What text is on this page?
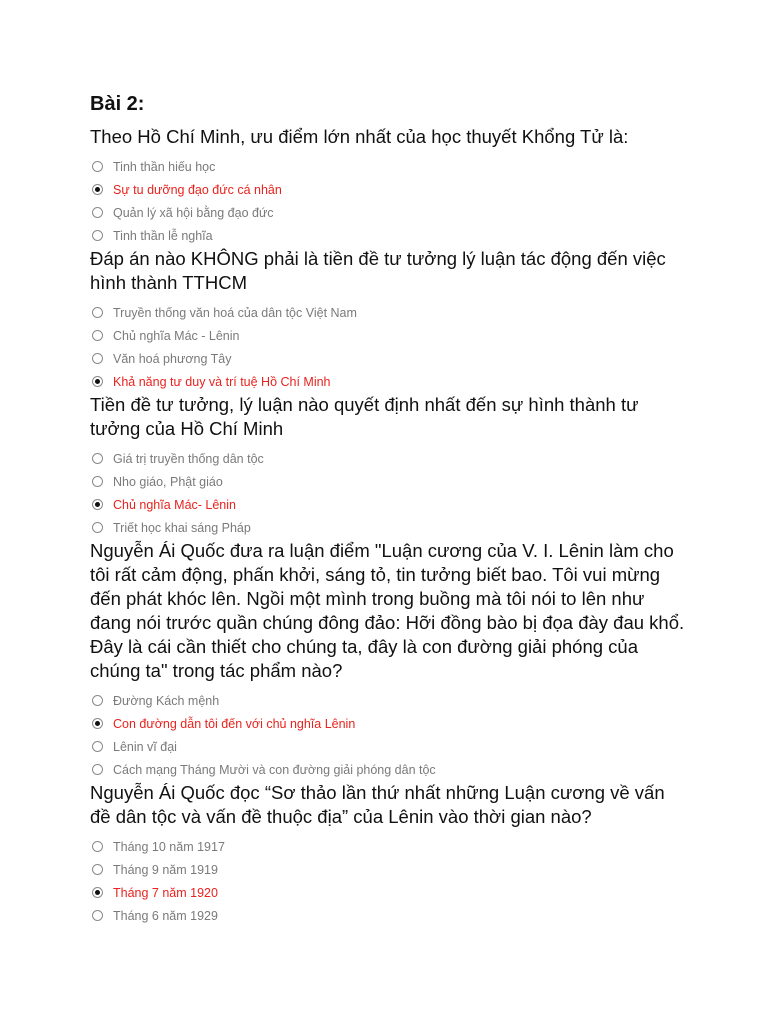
Bài 2:
Theo Hồ Chí Minh, ưu điểm lớn nhất của học thuyết Khổng Tử là:
Tinh thần hiếu học
Sự tu dưỡng đạo đức cá nhân
Quản lý xã hội bằng đạo đức
Tinh thần lễ nghĩa
Đáp án nào KHÔNG phải là tiền đề tư tưởng lý luận tác động đến việc hình thành TTHCM
Truyền thống văn hoá của dân tộc Việt Nam
Chủ nghĩa Mác - Lênin
Văn hoá phương Tây
Khả năng tư duy và trí tuệ Hồ Chí Minh
Tiền đề tư tưởng, lý luận nào quyết định nhất đến sự hình thành tư tưởng của Hồ Chí Minh
Giá trị truyền thống dân tộc
Nho giáo, Phật giáo
Chủ nghĩa Mác- Lênin
Triết học khai sáng Pháp
Nguyễn Ái Quốc đưa ra luận điểm "Luận cương của V. I. Lênin làm cho tôi rất cảm động, phấn khởi, sáng tỏ, tin tưởng biết bao. Tôi vui mừng đến phát khóc lên. Ngồi một mình trong buồng mà tôi nói to lên như đang nói trước quần chúng đông đảo: Hỡi đồng bào bị đọa đày đau khổ. Đây là cái cần thiết cho chúng ta, đây là con đường giải phóng của chúng ta" trong tác phẩm nào?
Đường Kách mệnh
Con đường dẫn tôi đến với chủ nghĩa Lênin
Lênin vĩ đại
Cách mạng Tháng Mười và con đường giải phóng dân tộc
Nguyễn Ái Quốc đọc “Sơ thảo lần thứ nhất những Luận cương về vấn đề dân tộc và vấn đề thuộc địa” của Lênin vào thời gian nào?
Tháng 10 năm 1917
Tháng 9 năm 1919
Tháng 7 năm 1920
Tháng 6 năm 1929
